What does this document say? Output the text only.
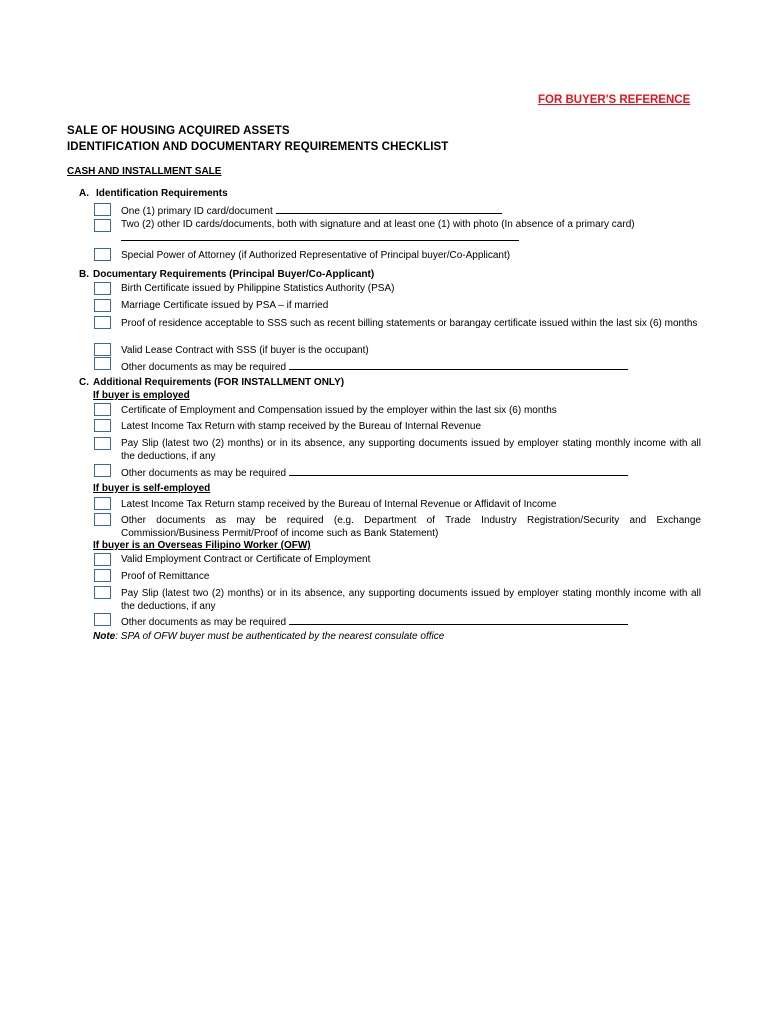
FOR BUYER'S REFERENCE
SALE OF HOUSING ACQUIRED ASSETS
IDENTIFICATION AND DOCUMENTARY REQUIREMENTS CHECKLIST
CASH AND INSTALLMENT SALE
A. Identification Requirements
One (1) primary ID card/document
Two (2) other ID cards/documents, both with signature and at least one (1) with photo (In absence of a primary card)
Special Power of Attorney (if Authorized Representative of Principal buyer/Co-Applicant)
B. Documentary Requirements (Principal Buyer/Co-Applicant)
Birth Certificate issued by Philippine Statistics Authority (PSA)
Marriage Certificate issued by PSA – if married
Proof of residence acceptable to SSS such as recent billing statements or barangay certificate issued within the last six (6) months
Valid Lease Contract with SSS (if buyer is the occupant)
Other documents as may be required
C. Additional Requirements (FOR INSTALLMENT ONLY)
If buyer is employed
Certificate of Employment and Compensation issued by the employer within the last six (6) months
Latest Income Tax Return with stamp received by the Bureau of Internal Revenue
Pay Slip (latest two (2) months) or in its absence, any supporting documents issued by employer stating monthly income with all the deductions, if any
Other documents as may be required
If buyer is self-employed
Latest Income Tax Return stamp received by the Bureau of Internal Revenue or Affidavit of Income
Other documents as may be required (e.g. Department of Trade Industry Registration/Security and Exchange Commission/Business Permit/Proof of income such as Bank Statement)
If buyer is an Overseas Filipino Worker (OFW)
Valid Employment Contract or Certificate of Employment
Proof of Remittance
Pay Slip (latest two (2) months) or in its absence, any supporting documents issued by employer stating monthly income with all the deductions, if any
Other documents as may be required
Note: SPA of OFW buyer must be authenticated by the nearest consulate office
